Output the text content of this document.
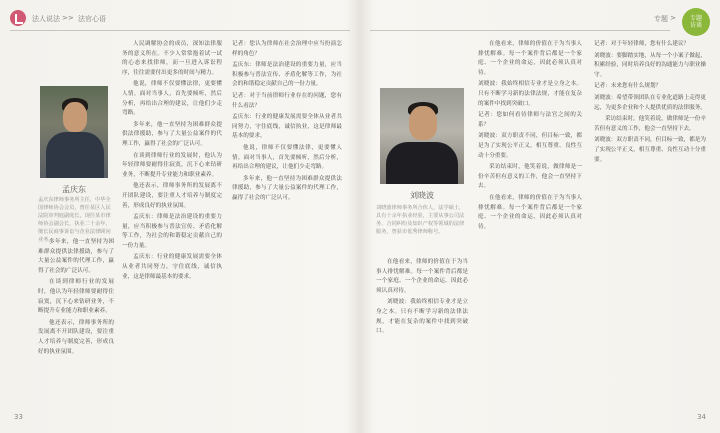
法人说法 >> 法官心语
孟庆东
孟庆东律师事务所主任，中华全国律师协会会员，曾任某区人民法院审判庭副庭长，现任某市律师协会副会长，执业二十余年，擅长民商事诉讼与企业法律顾问业务。

多年来，他一直坚持为困难群众提供法律援助，参与了大量公益案件的代理工作，赢得了社会的广泛认可。

在谈到律师行业的发展时，他认为年轻律师要耐得住寂寞，沉下心来钻研业务，不断提升专业能力和职业素养。

他还表示，律师事务所的发展离不开团队建设，要注重人才培养与制度完善，形成良好的执业氛围。

人民调解协会的成员，深知法律服务的意义所在。不少人常常抱着试一试的心态来找律师，而一旦进入诉讼程序，往往需要付出更多的时间与精力。

他说，律师不仅要懂法律，更要懂人情。面对当事人，首先要倾听，然后分析，再给出合理的建议，让他们少走弯路。

多年来，他一直坚持为困难群众提供法律援助，参与了大量公益案件的代理工作，赢得了社会的广泛认可。

在谈到律师行业的发展时，他认为年轻律师要耐得住寂寞，沉下心来钻研业务，不断提升专业能力和职业素养。

他还表示，律师事务所的发展离不开团队建设，要注重人才培养与制度完善，形成良好的执业氛围。

孟庆东：律师是法治建设的重要力量，应当积极参与普法宣传、矛盾化解等工作，为社会的和谐稳定贡献自己的一份力量。

孟庆东：行业的健康发展需要全体从业者共同努力，守住底线，诚信执业，这是律师最基本的要求。

记者：您认为律师在社会治理中应当扮演怎样的角色？

孟庆东：律师是法治建设的重要力量，应当积极参与普法宣传、矛盾化解等工作，为社会的和谐稳定贡献自己的一份力量。

记者：对于当前律师行业存在的问题，您有什么看法？

孟庆东：行业的健康发展需要全体从业者共同努力，守住底线，诚信执业，这是律师最基本的要求。

他说，律师不仅要懂法律，更要懂人情。面对当事人，首先要倾听，然后分析，再给出合理的建议，让他们少走弯路。

多年来，他一直坚持为困难群众提供法律援助，参与了大量公益案件的代理工作，赢得了社会的广泛认可。

33
专题 > 专题
访谈
刘晓波
刘晓波律师事务所合伙人，法学硕士，具有十余年执业经验，主要从事公司法务、合同纠纷及知识产权等领域的法律服务，曾获市优秀律师称号。

在他看来，律师的价值在于为当事人排忧解难。每一个案件背后都是一个家庭、一个企业的命运，因此必须认真对待。

刘晓波：我始终相信专业才是立身之本。只有不断学习新的法律法规，才能在复杂的案件中找到突破口。

在他看来，律师的价值在于为当事人排忧解难。每一个案件背后都是一个家庭、一个企业的命运，因此必须认真对待。

刘晓波：我始终相信专业才是立身之本。只有不断学习新的法律法规，才能在复杂的案件中找到突破口。

记者：您如何看待律师与法官之间的关系？

刘晓波：双方职责不同，但目标一致，都是为了实现公平正义，相互尊重、良性互动十分重要。

采访结束时，他笑着说，做律师是一份辛苦但有意义的工作，他会一直坚持下去。

在他看来，律师的价值在于为当事人排忧解难。每一个案件背后都是一个家庭、一个企业的命运，因此必须认真对待。

记者：对于年轻律师，您有什么建议？

刘晓波：要脚踏实地，从每一个小案子做起，积累经验，同时培养良好的沟通能力与职业操守。

记者：未来您有什么规划？

刘晓波：希望带领团队在专业化道路上走得更远，为更多企业和个人提供优质的法律服务。

采访结束时，他笑着说，做律师是一份辛苦但有意义的工作，他会一直坚持下去。

刘晓波：双方职责不同，但目标一致，都是为了实现公平正义，相互尊重、良性互动十分重要。

34
